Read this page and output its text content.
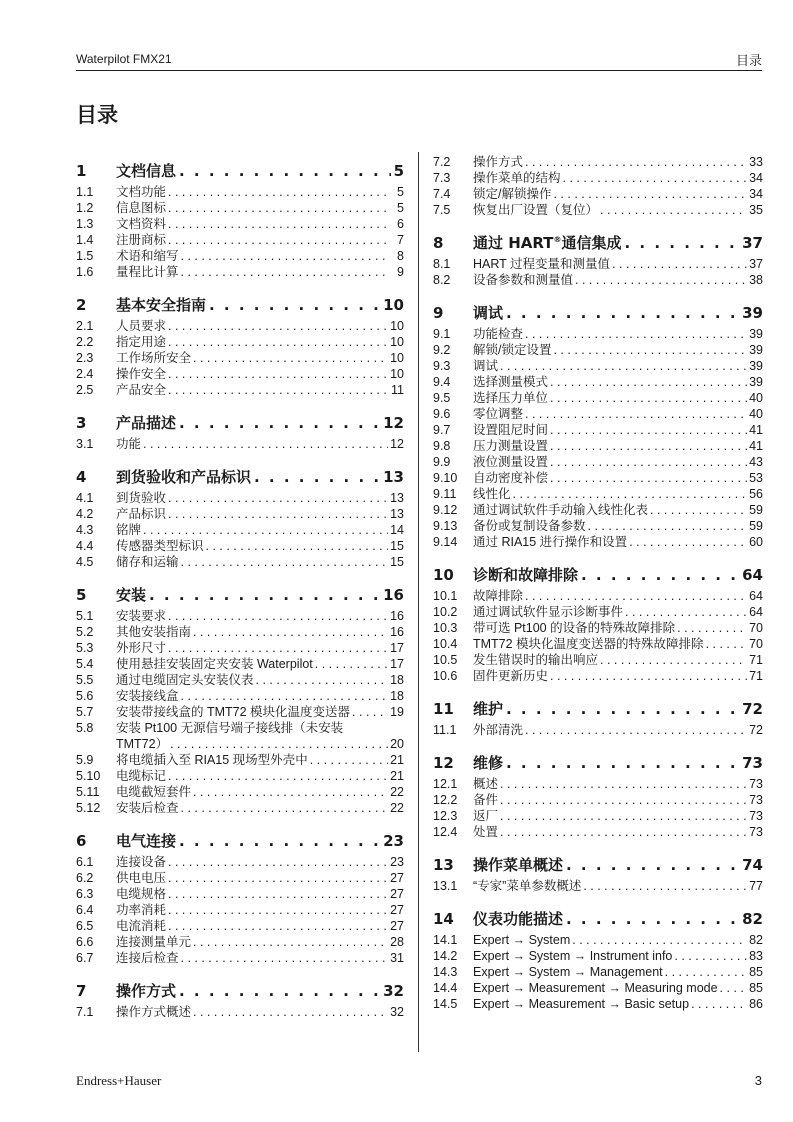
Waterpilot FMX21	目录
目录
1	文档信息 . . .	5
1.1	文档功能 . . .	5
1.2	信息图标 . . .	5
1.3	文档资料 . . .	6
1.4	注册商标 . . .	7
1.5	术语和缩写 . . .	8
1.6	量程比计算 . . .	9
2	基本安全指南 . . .	10
2.1	人员要求 . . .	10
2.2	指定用途 . . .	10
2.3	工作场所安全 . . .	10
2.4	操作安全 . . .	10
2.5	产品安全 . . .	11
3	产品描述 . . .	12
3.1	功能 . . .	12
4	到货验收和产品标识 . . .	13
4.1	到货验收 . . .	13
4.2	产品标识 . . .	13
4.3	铭牌 . . .	14
4.4	传感器类型标识 . . .	15
4.5	储存和运输 . . .	15
5	安装 . . .	16
5.1	安装要求 . . .	16
5.2	其他安装指南 . . .	16
5.3	外形尺寸 . . .	17
5.4	使用悬挂安装固定夹安装 Waterpilot . . .	17
5.5	通过电缆固定头安装仪表 . . .	18
5.6	安装接线盒 . . .	18
5.7	安装带接线盒的 TMT72 模块化温度变送器 . . .	19
5.8	安装 Pt100 无源信号端子接线排（未安装
TMT72） . . .	20
5.9	将电缆插入至 RIA15 现场型外壳中 . . .	21
5.10	电缆标记 . . .	21
5.11	电缆截短套件 . . .	22
5.12	安装后检查 . . .	22
6	电气连接 . . .	23
6.1	连接设备 . . .	23
6.2	供电电压 . . .	27
6.3	电缆规格 . . .	27
6.4	功率消耗 . . .	27
6.5	电流消耗 . . .	27
6.6	连接测量单元 . . .	28
6.7	连接后检查 . . .	31
7	操作方式 . . .	32
7.1	操作方式概述 . . .	32
7.2	操作方式 . . .	33
7.3	操作菜单的结构 . . .	34
7.4	锁定/解锁操作 . . .	34
7.5	恢复出厂设置（复位） . . .	35
8	通过 HART®通信集成 . . .	37
8.1	HART 过程变量和测量值 . . .	37
8.2	设备参数和测量值 . . .	38
9	调试 . . .	39
9.1	功能检查 . . .	39
9.2	解锁/锁定设置 . . .	39
9.3	调试 . . .	39
9.4	选择测量模式 . . .	39
9.5	选择压力单位 . . .	40
9.6	零位调整 . . .	40
9.7	设置阻尼时间 . . .	41
9.8	压力测量设置 . . .	41
9.9	液位测量设置 . . .	43
9.10	自动密度补偿 . . .	53
9.11	线性化 . . .	56
9.12	通过调试软件手动输入线性化表 . . .	59
9.13	备份或复制设备参数 . . .	59
9.14	通过 RIA15 进行操作和设置 . . .	60
10	诊断和故障排除 . . .	64
10.1	故障排除 . . .	64
10.2	通过调试软件显示诊断事件 . . .	64
10.3	带可选 Pt100 的设备的特殊故障排除 . . .	70
10.4	TMT72 模块化温度变送器的特殊故障排除 . . .	70
10.5	发生错误时的输出响应 . . .	71
10.6	固件更新历史 . . .	71
11	维护 . . .	72
11.1	外部清洗 . . .	72
12	维修 . . .	73
12.1	概述 . . .	73
12.2	备件 . . .	73
12.3	返厂 . . .	73
12.4	处置 . . .	73
13	操作菜单概述 . . .	74
13.1	“专家”菜单参数概述 . . .	77
14	仪表功能描述 . . .	82
14.1	Expert → System . . .	82
14.2	Expert → System → Instrument info . . .	83
14.3	Expert → System → Management . . .	85
14.4	Expert → Measurement → Measuring mode . . .	85
14.5	Expert → Measurement → Basic setup . . .	86
Endress+Hauser	3
